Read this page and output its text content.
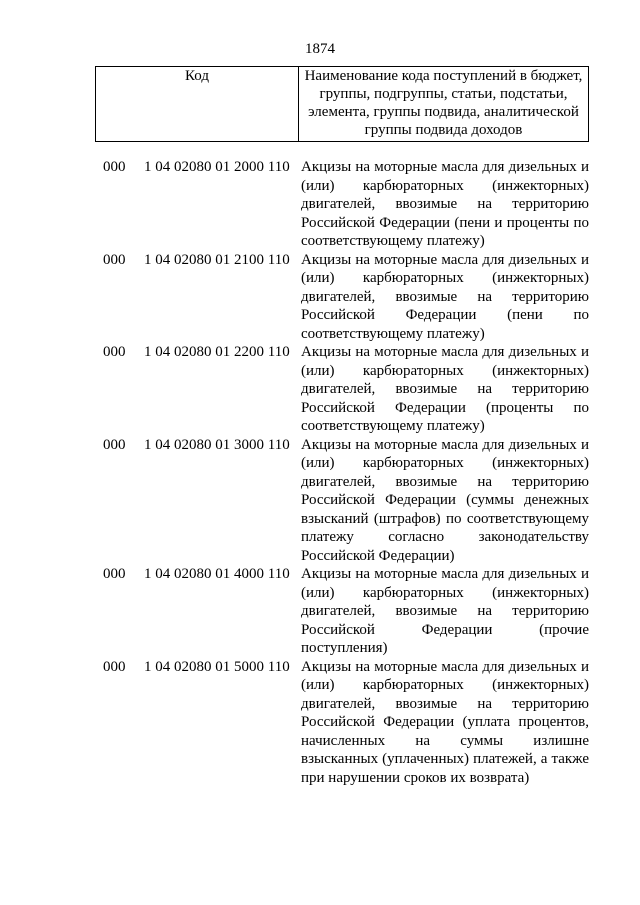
1874
Код	Наименование кода поступлений в бюджет, группы, подгруппы, статьи, подстатьи, элемента, группы подвида, аналитической группы подвида доходов
000	1 04 02080 01 2000 110 Акцизы на моторные масла для дизельных и (или) карбюраторных (инжекторных) двигателей, ввозимые на территорию Российской Федерации (пени и проценты по соответствующему платежу)
000	1 04 02080 01 2100 110 Акцизы на моторные масла для дизельных и (или) карбюраторных (инжекторных) двигателей, ввозимые на территорию Российской Федерации (пени по соответствующему платежу)
000	1 04 02080 01 2200 110 Акцизы на моторные масла для дизельных и (или) карбюраторных (инжекторных) двигателей, ввозимые на территорию Российской Федерации (проценты по соответствующему платежу)
000	1 04 02080 01 3000 110 Акцизы на моторные масла для дизельных и (или) карбюраторных (инжекторных) двигателей, ввозимые на территорию Российской Федерации (суммы денежных взысканий (штрафов) по соответствующему платежу согласно законодательству Российской Федерации)
000	1 04 02080 01 4000 110 Акцизы на моторные масла для дизельных и (или) карбюраторных (инжекторных) двигателей, ввозимые на территорию Российской Федерации (прочие поступления)
000	1 04 02080 01 5000 110 Акцизы на моторные масла для дизельных и (или) карбюраторных (инжекторных) двигателей, ввозимые на территорию Российской Федерации (уплата процентов, начисленных на суммы излишне взысканных (уплаченных) платежей, а также при нарушении сроков их возврата)
